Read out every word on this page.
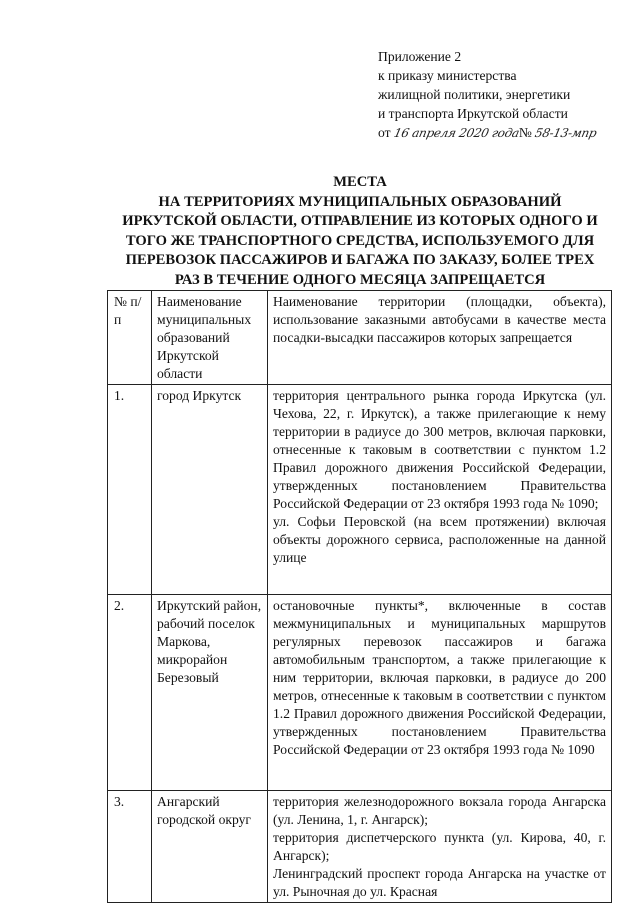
Приложение 2
к приказу министерства
жилищной политики, энергетики
и транспорта Иркутской области
от 16 апреля 2020 года№ 58-13-мпр
МЕСТА
НА ТЕРРИТОРИЯХ МУНИЦИПАЛЬНЫХ ОБРАЗОВАНИЙ
ИРКУТСКОЙ ОБЛАСТИ, ОТПРАВЛЕНИЕ ИЗ КОТОРЫХ ОДНОГО И
ТОГО ЖЕ ТРАНСПОРТНОГО СРЕДСТВА, ИСПОЛЬЗУЕМОГО ДЛЯ
ПЕРЕВОЗОК ПАССАЖИРОВ И БАГАЖА ПО ЗАКАЗУ, БОЛЕЕ ТРЕХ
РАЗ В ТЕЧЕНИЕ ОДНОГО МЕСЯЦА ЗАПРЕЩАЕТСЯ
№ п/п	Наименование муниципальных образований Иркутской области	Наименование территории (площадки, объекта), использование заказными автобусами в качестве места посадки-высадки пассажиров которых запрещается
1.	город Иркутск	территория центрального рынка города Иркутска (ул. Чехова, 22, г. Иркутск), а также прилегающие к нему территории в радиусе до 300 метров, включая парковки, отнесенные к таковым в соответствии с пунктом 1.2 Правил дорожного движения Российской Федерации, утвержденных постановлением Правительства Российской Федерации от 23 октября 1993 года № 1090;
ул. Софьи Перовской (на всем протяжении) включая объекты дорожного сервиса, расположенные на данной улице

2.	Иркутский район, рабочий поселок Маркова, микрорайон Березовый	остановочные пункты*, включенные в состав межмуниципальных и муниципальных маршрутов регулярных перевозок пассажиров и багажа автомобильным транспортом, а также прилегающие к ним территории, включая парковки, в радиусе до 200 метров, отнесенные к таковым в соответствии с пунктом 1.2 Правил дорожного движения Российской Федерации, утвержденных постановлением Правительства Российской Федерации от 23 октября 1993 года № 1090

3.	Ангарский городской округ	территория железнодорожного вокзала города Ангарска (ул. Ленина, 1, г. Ангарск);
территория диспетчерского пункта (ул. Кирова, 40, г. Ангарск);
Ленинградский проспект города Ангарска на участке от ул. Рыночная до ул. Красная
